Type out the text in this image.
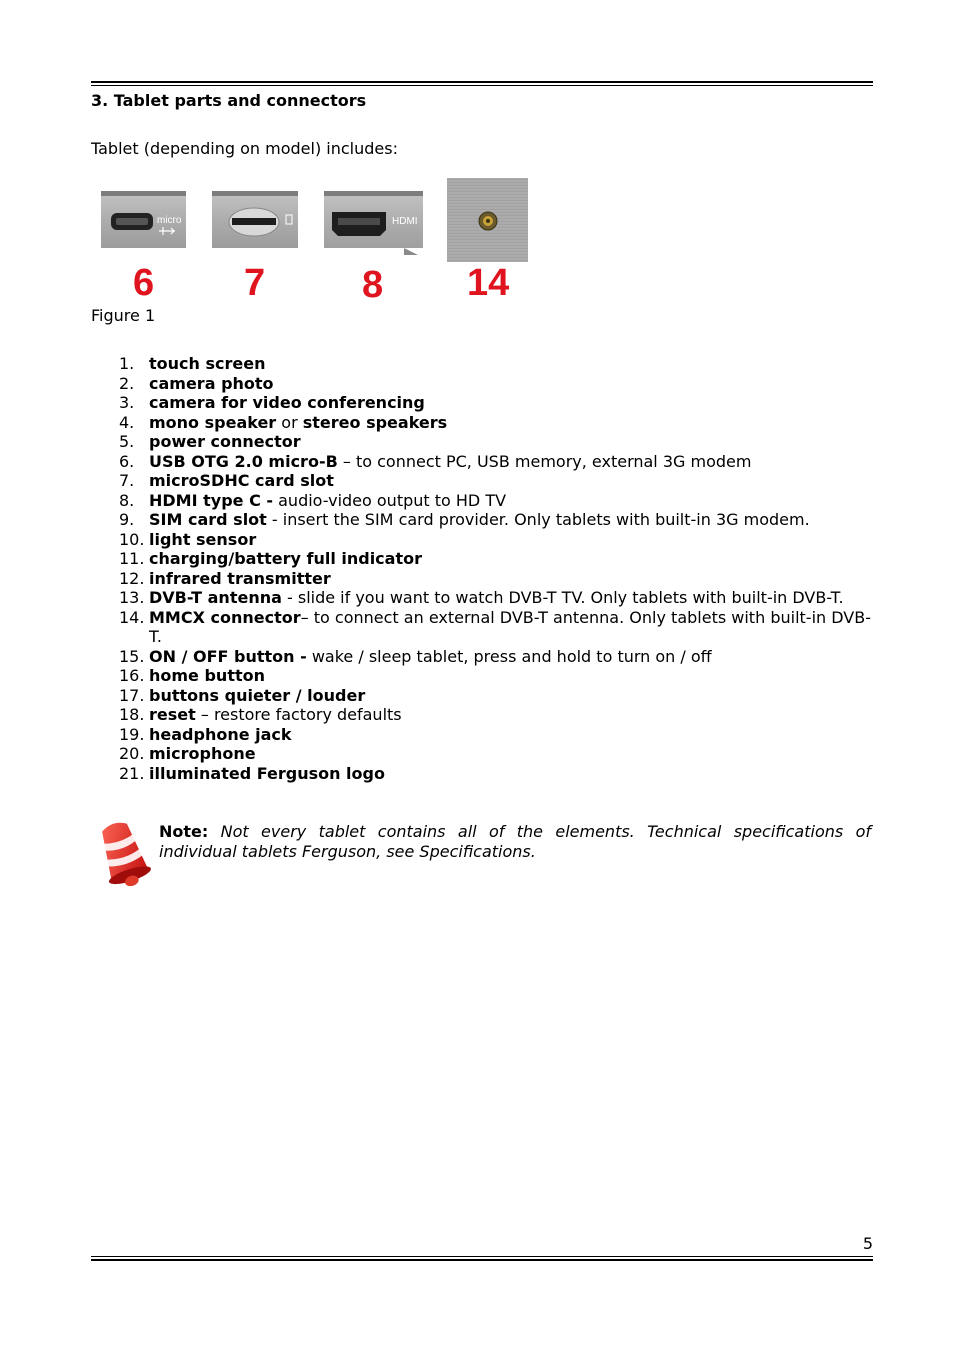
3. Tablet parts and connectors
Tablet (depending on model) includes:
micro
6 7
HDMI
8 14
Figure 1
1. touch screen
2. camera photo
3. camera for video conferencing
4. mono speaker or stereo speakers
5. power connector
6. USB OTG 2.0 micro-B – to connect PC, USB memory, external 3G modem
7. microSDHC card slot
8. HDMI type C - audio-video output to HD TV
9. SIM card slot - insert the SIM card provider. Only tablets with built-in 3G modem.
10. light sensor
11. charging/battery full indicator
12. infrared transmitter
13. DVB-T antenna - slide if you want to watch DVB-T TV. Only tablets with built-in DVB-T.
14. MMCX connector– to connect an external DVB-T antenna. Only tablets with built-in DVB-T.
15. ON / OFF button - wake / sleep tablet, press and hold to turn on / off
16. home button
17. buttons quieter / louder
18. reset – restore factory defaults
19. headphone jack
20. microphone
21. illuminated Ferguson logo
Note: Not every tablet contains all of the elements. Technical specifications of individual tablets Ferguson, see Specifications.
5
